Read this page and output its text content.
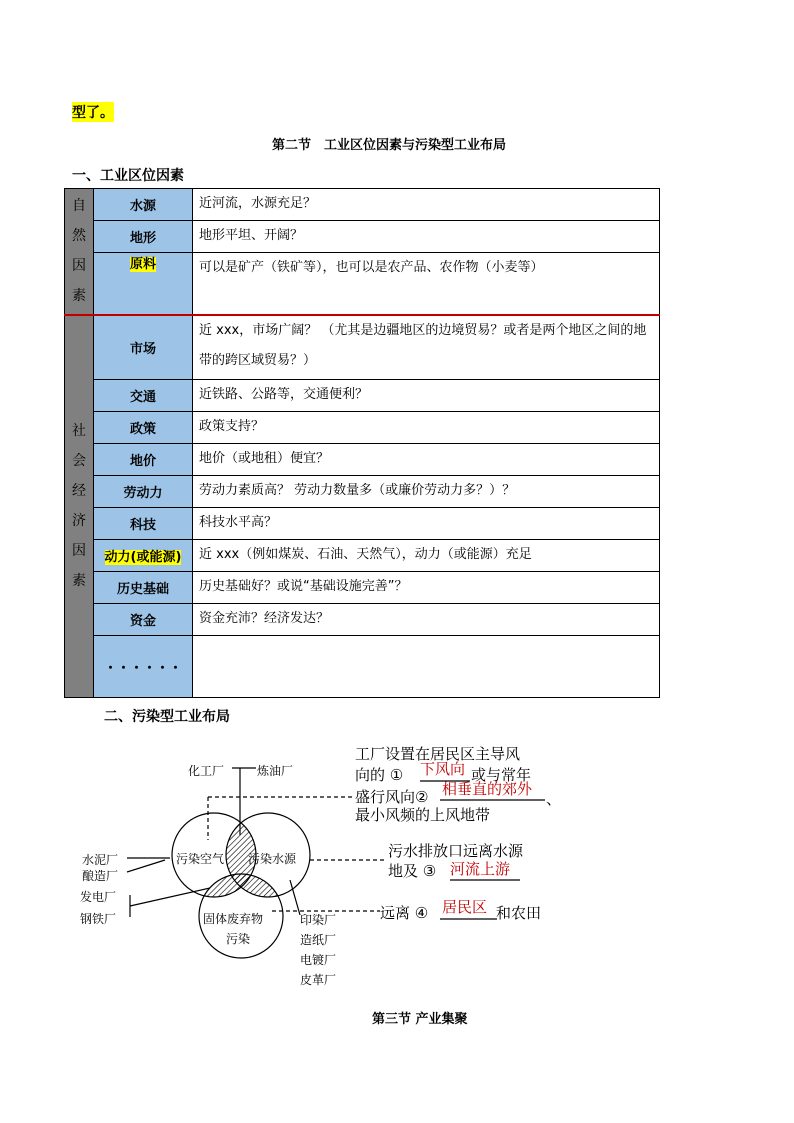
型了。
第二节　工业区位因素与污染型工业布局
一、工业区位因素
自然因素	水源	近河流，水源充足？
	地形	地形平坦、开阔？
	原料	可以是矿产（铁矿等），也可以是农产品、农作物（小麦等）
社会经济因素	市场	近 xxx，市场广阔？ （尤其是边疆地区的边境贸易？或者是两个地区之间的地带的跨区域贸易？）
	交通	近铁路、公路等，交通便利？
	政策	政策支持？
	地价	地价（或地租）便宜？
	劳动力	劳动力素质高？ 劳动力数量多（或廉价劳动力多？）？
	科技	科技水平高？
	动力(或能源)	近 xxx（例如煤炭、石油、天然气），动力（或能源）充足
	历史基础	历史基础好？或说“基础设施完善”？
	资金	资金充沛？经济发达？
	・・・・・・	
二、污染型工业布局
化工厂	炼油厂
污染空气 污染水源
固体废弃物
污染
水泥厂
酿造厂
发电厂
钢铁厂	印染厂
造纸厂
电镀厂
皮革厂
工厂设置在居民区主导风
向的 ① 下风向 或与常年
盛行风向② 相垂直的郊外
、
最小风频的上风地带
污水排放口远离水源
地及 ③ 河流上游
远离 ④ 居民区 和农田
第三节 产业集聚
